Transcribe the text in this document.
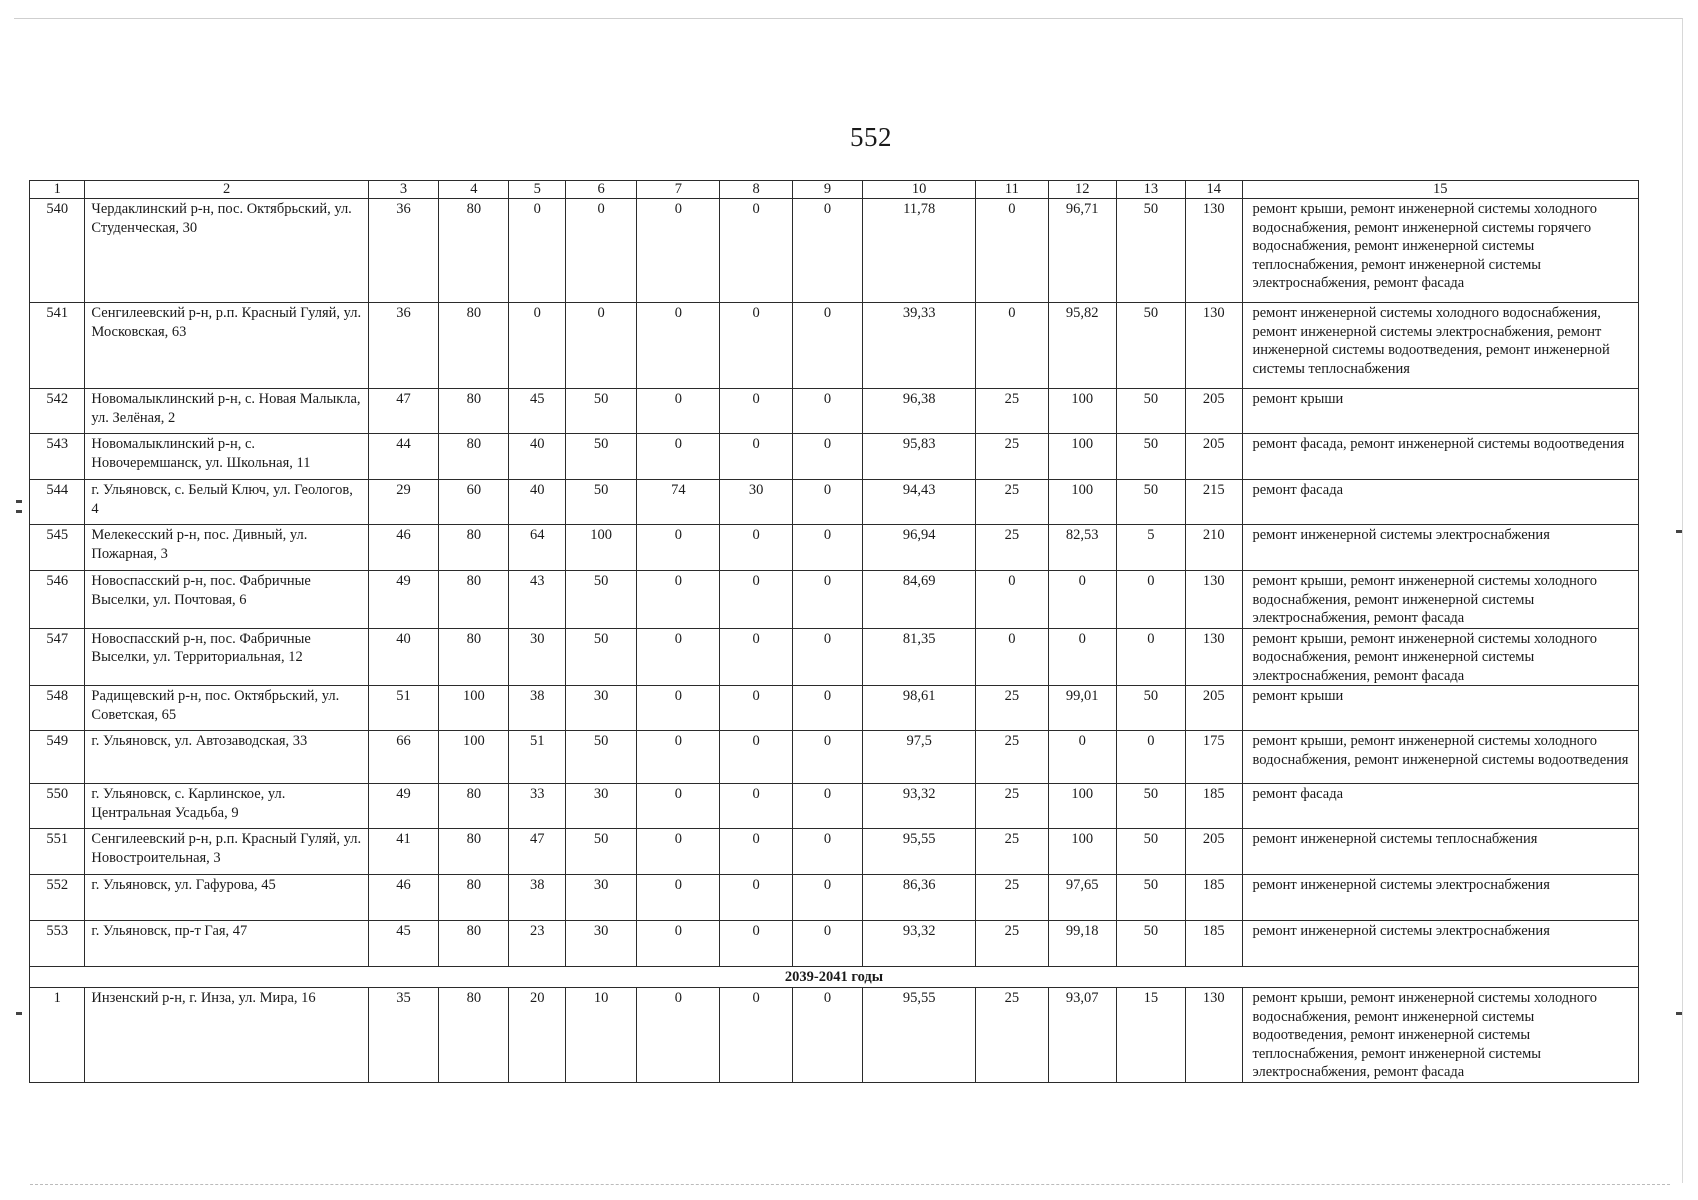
552
1	2	3	4	5	6	7	8	9	10	11	12	13	14	15
540	Чердаклинский р-н, пос. Октябрьский, ул. Студенческая, 30	36	80	0	0	0	0	0	11,78	0	96,71	50	130	ремонт крыши, ремонт инженерной системы холодного водоснабжения, ремонт инженерной системы горячего водоснабжения, ремонт инженерной системы теплоснабжения, ремонт инженерной системы электроснабжения, ремонт фасада
541	Сенгилеевский р-н, р.п. Красный Гуляй, ул. Московская, 63	36	80	0	0	0	0	0	39,33	0	95,82	50	130	ремонт инженерной системы холодного водоснабжения, ремонт инженерной системы электроснабжения, ремонт инженерной системы водоотведения, ремонт инженерной системы теплоснабжения
542	Новомалыклинский р-н, с. Новая Малыкла, ул. Зелёная, 2	47	80	45	50	0	0	0	96,38	25	100	50	205	ремонт крыши
543	Новомалыклинский р-н, с. Новочеремшанск, ул. Школьная, 11	44	80	40	50	0	0	0	95,83	25	100	50	205	ремонт фасада, ремонт инженерной системы водоотведения
544	г. Ульяновск, с. Белый Ключ, ул. Геологов, 4	29	60	40	50	74	30	0	94,43	25	100	50	215	ремонт фасада
545	Мелекесский р-н, пос. Дивный, ул. Пожарная, 3	46	80	64	100	0	0	0	96,94	25	82,53	5	210	ремонт инженерной системы электроснабжения
546	Новоспасский р-н, пос. Фабричные Выселки, ул. Почтовая, 6	49	80	43	50	0	0	0	84,69	0	0	0	130	ремонт крыши, ремонт инженерной системы холодного водоснабжения, ремонт инженерной системы электроснабжения, ремонт фасада
547	Новоспасский р-н, пос. Фабричные Выселки, ул. Территориальная, 12	40	80	30	50	0	0	0	81,35	0	0	0	130	ремонт крыши, ремонт инженерной системы холодного водоснабжения, ремонт инженерной системы электроснабжения, ремонт фасада
548	Радищевский р-н, пос. Октябрьский, ул. Советская, 65	51	100	38	30	0	0	0	98,61	25	99,01	50	205	ремонт крыши
549	г. Ульяновск, ул. Автозаводская, 33	66	100	51	50	0	0	0	97,5	25	0	0	175	ремонт крыши, ремонт инженерной системы холодного водоснабжения, ремонт инженерной системы водоотведения
550	г. Ульяновск, с. Карлинское, ул. Центральная Усадьба, 9	49	80	33	30	0	0	0	93,32	25	100	50	185	ремонт фасада
551	Сенгилеевский р-н, р.п. Красный Гуляй, ул. Новостроительная, 3	41	80	47	50	0	0	0	95,55	25	100	50	205	ремонт инженерной системы теплоснабжения
552	г. Ульяновск, ул. Гафурова, 45	46	80	38	30	0	0	0	86,36	25	97,65	50	185	ремонт инженерной системы электроснабжения
553	г. Ульяновск, пр-т Гая, 47	45	80	23	30	0	0	0	93,32	25	99,18	50	185	ремонт инженерной системы электроснабжения
2039-2041 годы														
1	Инзенский р-н, г. Инза, ул. Мира, 16	35	80	20	10	0	0	0	95,55	25	93,07	15	130	ремонт крыши, ремонт инженерной системы холодного водоснабжения, ремонт инженерной системы водоотведения, ремонт инженерной системы теплоснабжения, ремонт инженерной системы электроснабжения, ремонт фасада
